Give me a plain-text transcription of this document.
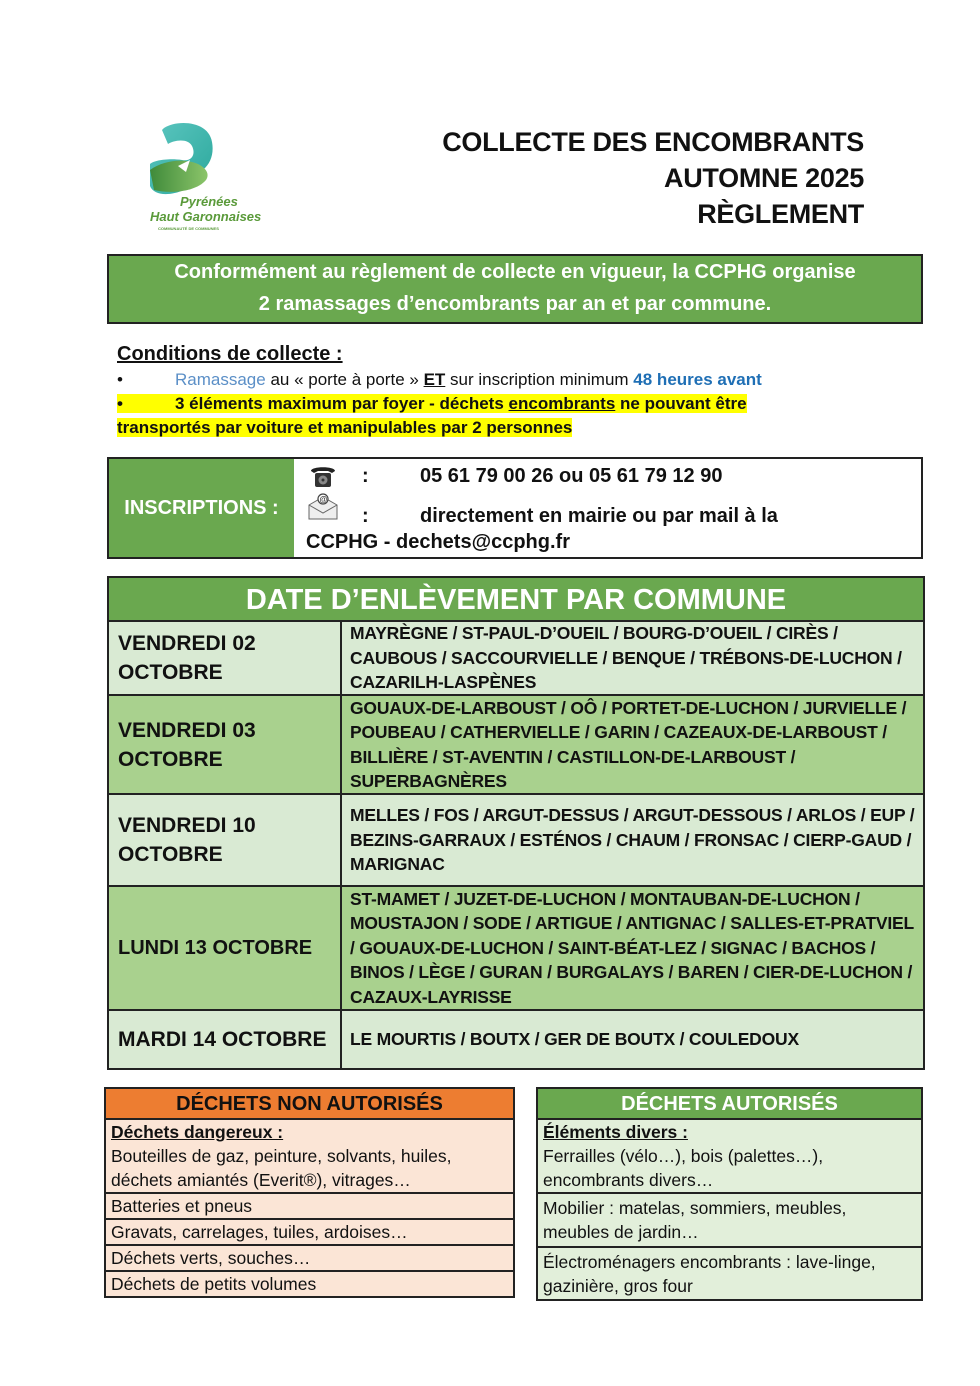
Pyrénées
Haut Garonnaises
COMMUNAUTÉ DE COMMUNES
COLLECTE DES ENCOMBRANTS
AUTOMNE 2025
RÈGLEMENT
Conformément au règlement de collecte en vigueur, la CCPHG organise
2 ramassages d’encombrants par an et par commune.
Conditions de collecte :
•	Ramassage au « porte à porte » ET sur inscription minimum 48 heures avant
•	3 éléments maximum par foyer - déchets encombrants ne pouvant être
transportés par voiture et manipulables par 2 personnes
INSCRIPTIONS :
:	05 61 79 00 26 ou 05 61 79 12 90
@
:	directement en mairie ou par mail à la
CCPHG - dechets@ccphg.fr
DATE D’ENLÈVEMENT PAR COMMUNE
VENDREDI 02 OCTOBRE
MAYRÈGNE / ST-PAUL-D’OUEIL / BOURG-D’OUEIL / CIRÈS / CAUBOUS / SACCOURVIELLE / BENQUE / TRÉBONS-DE-LUCHON / CAZARILH-LASPÈNES
VENDREDI 03 OCTOBRE
GOUAUX-DE-LARBOUST / OÔ / PORTET-DE-LUCHON / JURVIELLE / POUBEAU / CATHERVIELLE / GARIN / CAZEAUX-DE-LARBOUST / BILLIÈRE / ST-AVENTIN / CASTILLON-DE-LARBOUST / SUPERBAGNÈRES
VENDREDI 10 OCTOBRE
MELLES / FOS / ARGUT-DESSUS / ARGUT-DESSOUS / ARLOS / EUP / BEZINS-GARRAUX / ESTÉNOS / CHAUM / FRONSAC / CIERP-GAUD / MARIGNAC
LUNDI 13 OCTOBRE
ST-MAMET / JUZET-DE-LUCHON / MONTAUBAN-DE-LUCHON / MOUSTAJON / SODE / ARTIGUE / ANTIGNAC / SALLES-ET-PRATVIEL / GOUAUX-DE-LUCHON / SAINT-BÉAT-LEZ / SIGNAC / BACHOS / BINOS / LÈGE / GURAN / BURGALAYS / BAREN / CIER-DE-LUCHON / CAZAUX-LAYRISSE
MARDI 14 OCTOBRE	LE MOURTIS / BOUTX / GER DE BOUTX / COULEDOUX
DÉCHETS NON AUTORISÉS
Déchets dangereux :
Bouteilles de gaz, peinture, solvants, huiles, déchets amiantés (Everit®), vitrages…
Batteries et pneus
Gravats, carrelages, tuiles, ardoises…
Déchets verts, souches…
Déchets de petits volumes
DÉCHETS AUTORISÉS
Éléments divers :
Ferrailles (vélo…), bois (palettes…), encombrants divers…
Mobilier : matelas, sommiers, meubles, meubles de jardin…
Électroménagers encombrants : lave-linge, gazinière, gros four
